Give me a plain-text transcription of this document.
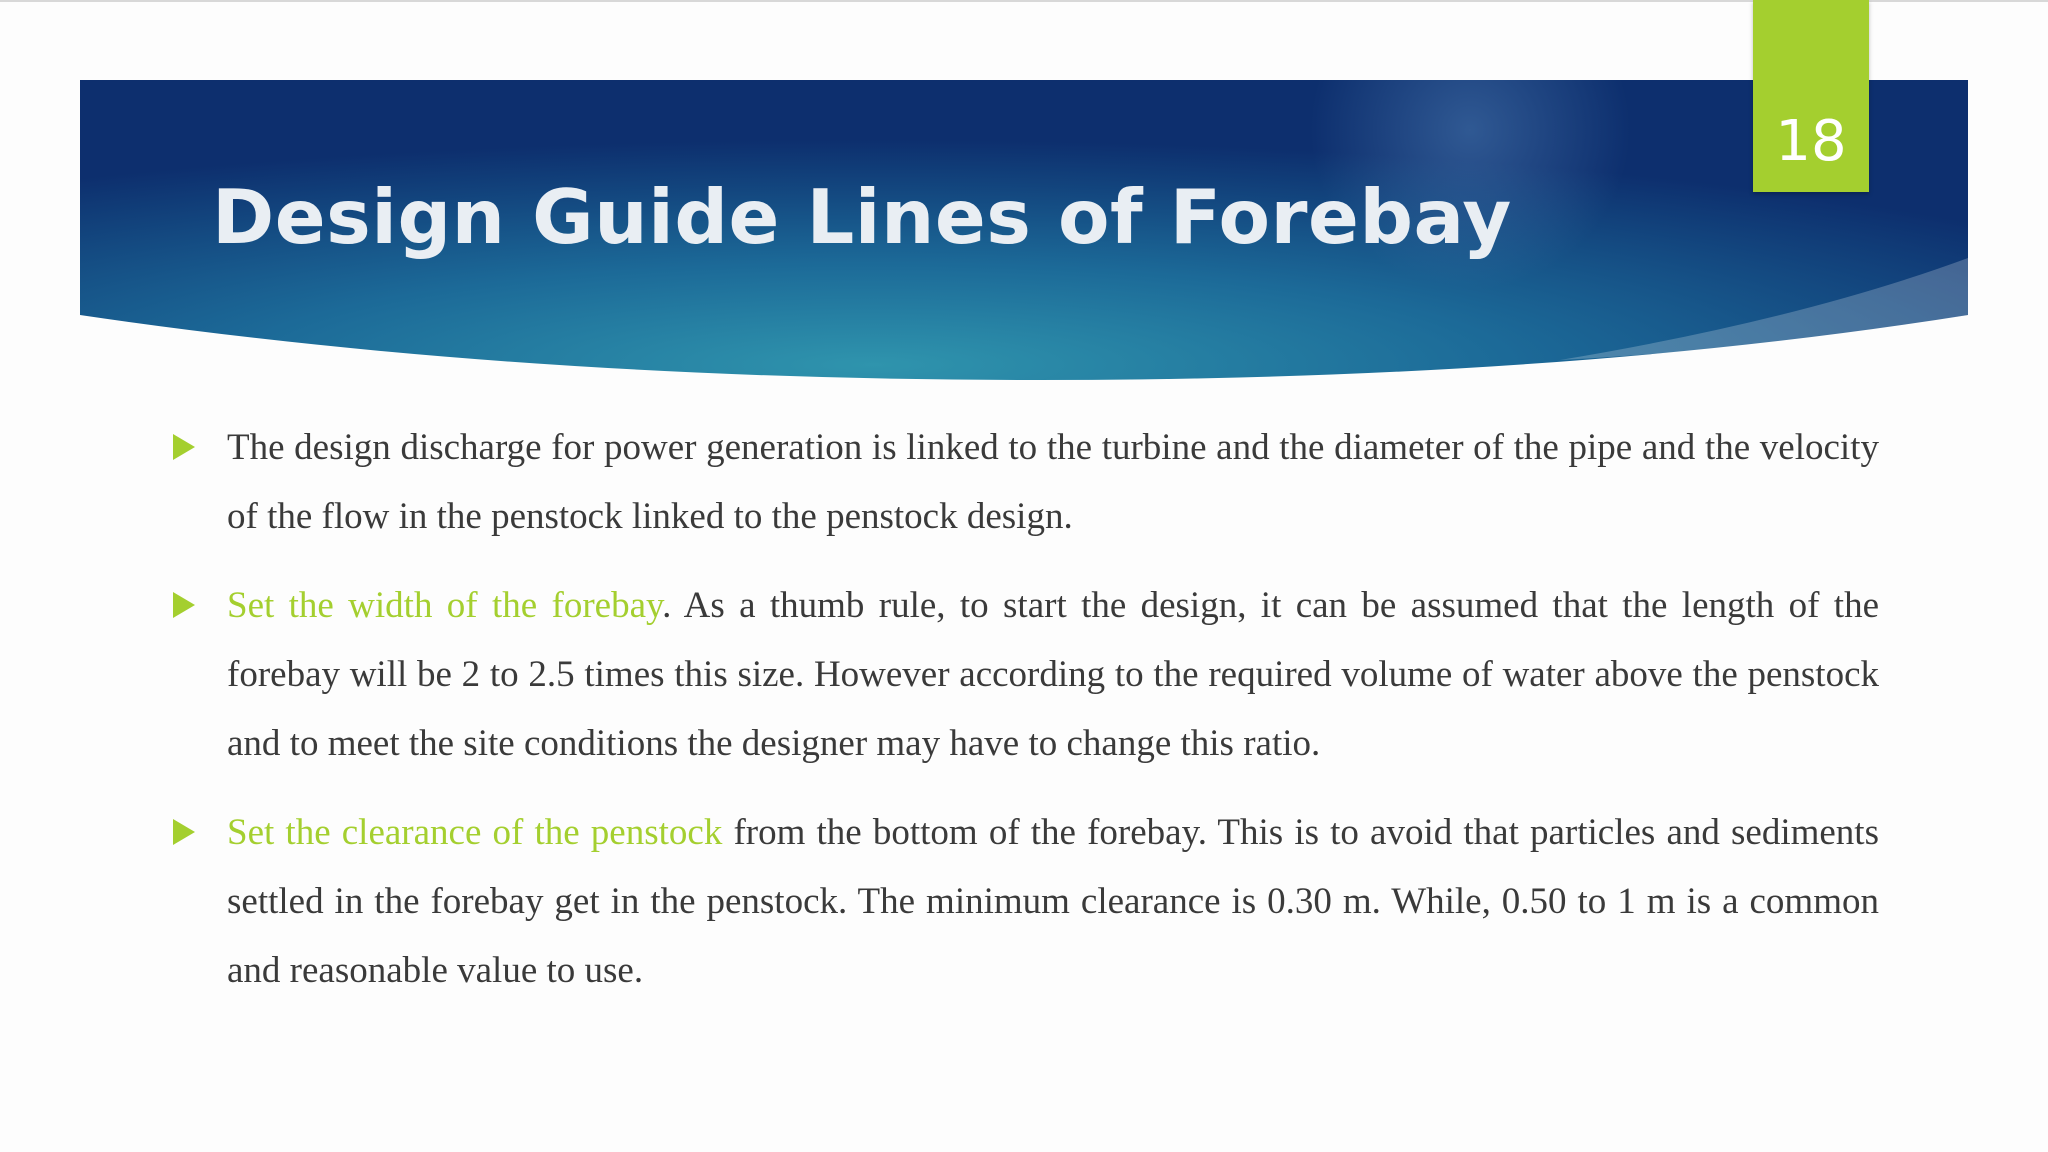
18
Design Guide Lines of Forebay

The design discharge for power generation is linked to the turbine and the diameter of the pipe and the velocity of the flow in the penstock linked to the penstock design.

Set the width of the forebay. As a thumb rule, to start the design, it can be assumed that the length of the forebay will be 2 to 2.5 times this size. However according to the required volume of water above the penstock and to meet the site conditions the designer may have to change this ratio.

Set the clearance of the penstock from the bottom of the forebay. This is to avoid that particles and sediments settled in the forebay get in the penstock. The minimum clearance is 0.30 m. While, 0.50 to 1 m is a common and reasonable value to use.
